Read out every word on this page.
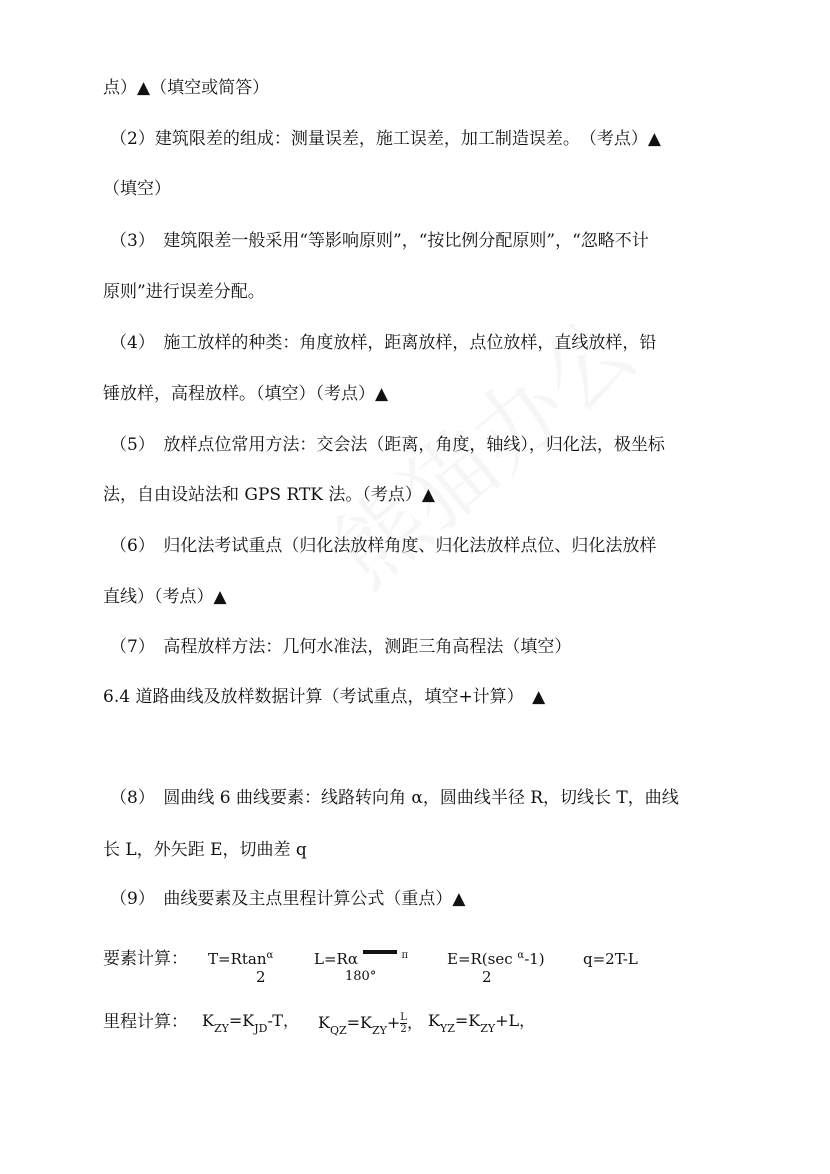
点）▲（填空或简答）
（2）建筑限差的组成：测量误差，施工误差，加工制造误差。　（考点）▲
（填空）
（3）　建筑限差一般采用“等影响原则”，“按比例分配原则”，“忽略不计
原则”进行误差分配。
（4）　施工放样的种类：角度放样，距离放样，点位放样，直线放样，铅
锤放样，高程放样。（填空）（考点）▲
（5）　放样点位常用方法：交会法（距离，角度，轴线），归化法，极坐标
法，自由设站法和 GPS RTK 法。（考点）▲
（6）　归化法考试重点（归化法放样角度、归化法放样点位、归化法放样
直线）（考点）▲
（7）　高程放样方法：几何水准法，测距三角高程法（填空）
6.4 道路曲线及放样数据计算（考试重点，填空+计算）　▲
（8）　圆曲线 6 曲线要素：线路转向角 α，圆曲线半径 R，切线长 T，曲线
长 L，外矢距 E，切曲差 q
（9）　曲线要素及主点里程计算公式（重点）▲
要素计算： T=Rtan$^\alpha$
2
L=Rα	$^\pi$
180°
E=R(sec $^\alpha$-1)
2
q=2T-L
里程计算： $K_{ZY}=K_{JD}-T$， $K_{QZ}=K_{ZY}+ \frac{L}{2}$ ， $K_{YZ}=K_{ZY}+L$，
